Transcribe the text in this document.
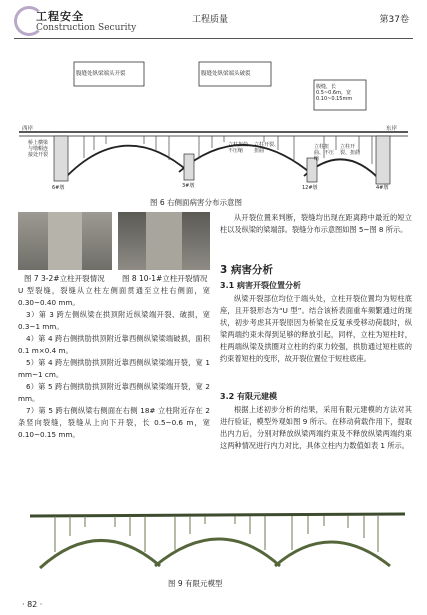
工程安全
Construction Security
工程质量	第37卷
腹缝处纵梁端头开裂	腹缝处纵梁端头破裂
腹缝，长0.5~0.6m，宽0.10~0.15mm
西岸	东岸
桥上横梁与墩帽连接处开裂
立柱扭曲、不压缩
立柱开裂、扭曲
立柱扭曲、不压缩
立柱开裂、扭曲
6#墩	3#墩	12#墩	4#墩
图 6 右侧面病害分布示意图
图 7 3-2#立柱开裂情况 图 8 10-1#立柱开裂情况

U 型裂缝，裂缝从立柱左侧面贯通至立柱右侧面，宽 0.30~0.40 mm。

3）第 3 跨左侧纵梁在拱顶附近纵梁端开裂、破损，宽 0.3~1 mm。

4）第 4 跨右侧拱肋拱顶附近靠西侧纵梁梁端破损，面积 0.1 m×0.4 m。

5）第 4 跨左侧拱肋拱顶附近靠西侧纵梁梁端开裂，宽 1 mm~1 cm。

6）第 5 跨右侧拱肋拱顶附近靠西侧纵梁梁端开裂，宽 2 mm。

7）第 5 跨右侧纵梁右侧面在右侧 18# 立柱附近存在 2 条竖向裂缝，裂缝从上向下开裂，长 0.5~0.6 m，宽 0.10~0.15 mm。

从开裂位置来判断，裂缝均出现在距离跨中最近的短立柱以及纵梁的梁端部。裂缝分布示意图如图 5~图 8 所示。
3 病害分析
3.1 病害开裂位置分析
纵梁开裂部位均位于端头处，立柱开裂位置均为短柱底座，且开裂形态为“U 型”。结合该桥表面重车频繁通过的现状，初步考虑其开裂原因为桥梁在反复承受移动荷载时，纵梁两端约束未得到足够的释放引起，同样，立柱为短柱时，柱两端纵梁及拱圈对立柱的约束力较强，拱肋通过短柱底的约束着短柱的变形，故开裂位置位于短柱底座。
3.2 有限元建模
根据上述初步分析的结果，采用有限元建模的方法对其进行验证，模型外观如图 9 所示。在移动荷载作用下，提取出内力后，分别对释放纵梁两端约束及不释放纵梁两端约束这两种情况进行内力对比，具体立柱内力数值如表 1 所示。
图 9 有限元模型
· 82 ·
